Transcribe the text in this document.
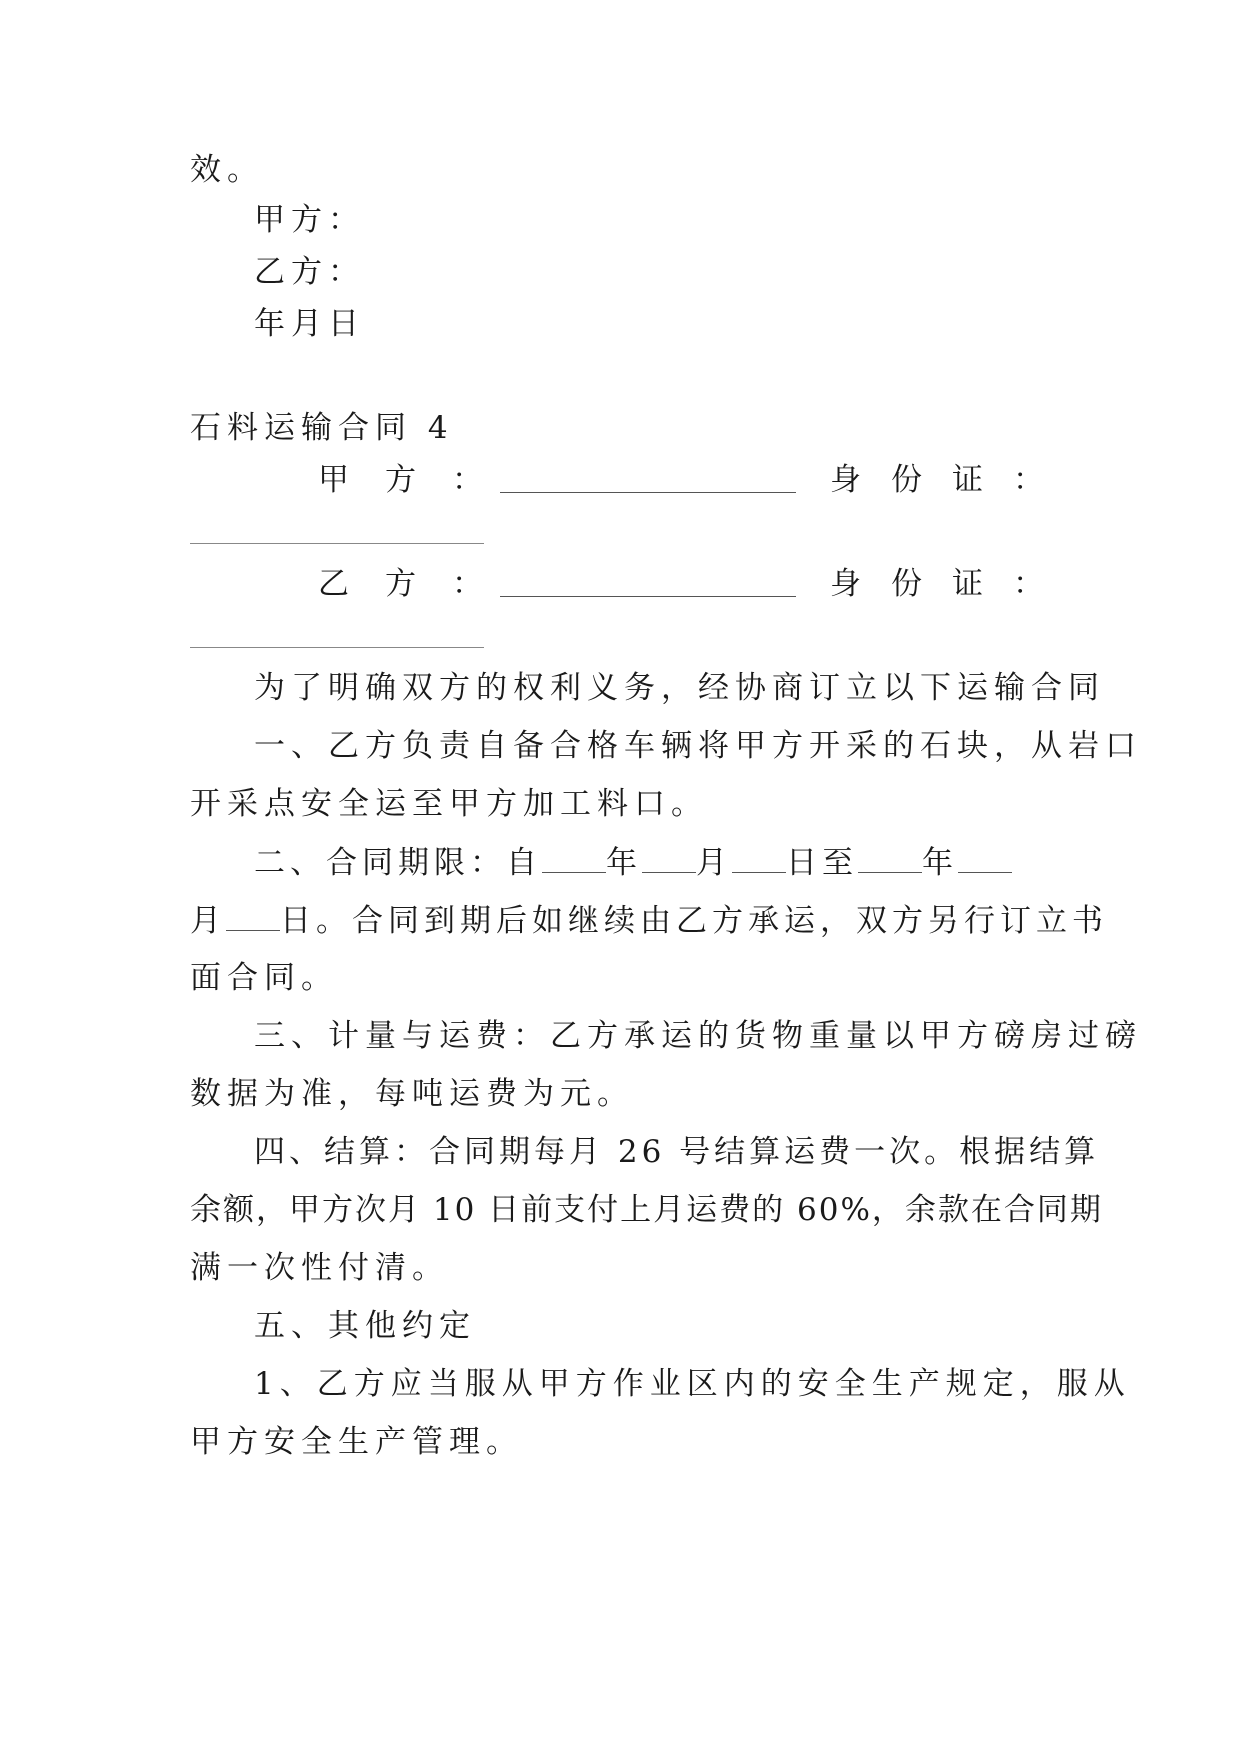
效。
甲方：
乙方：
年月日
石料运输合同 4
甲方：	身份证：
乙方：	身份证：
为了明确双方的权利义务，经协商订立以下运输合同
一、乙方负责自备合格车辆将甲方开采的石块，从岩口
开采点安全运至甲方加工料口。
二、合同期限：自 年 月 日至 年
月 日。合同到期后如继续由乙方承运，双方另行订立书
面合同。
三、计量与运费：乙方承运的货物重量以甲方磅房过磅
数据为准，每吨运费为元。
四、结算：合同期每月 26 号结算运费一次。根据结算
余额，甲方次月 10 日前支付上月运费的 60%，余款在合同期
满一次性付清。
五、其他约定
1、乙方应当服从甲方作业区内的安全生产规定，服从
甲方安全生产管理。
